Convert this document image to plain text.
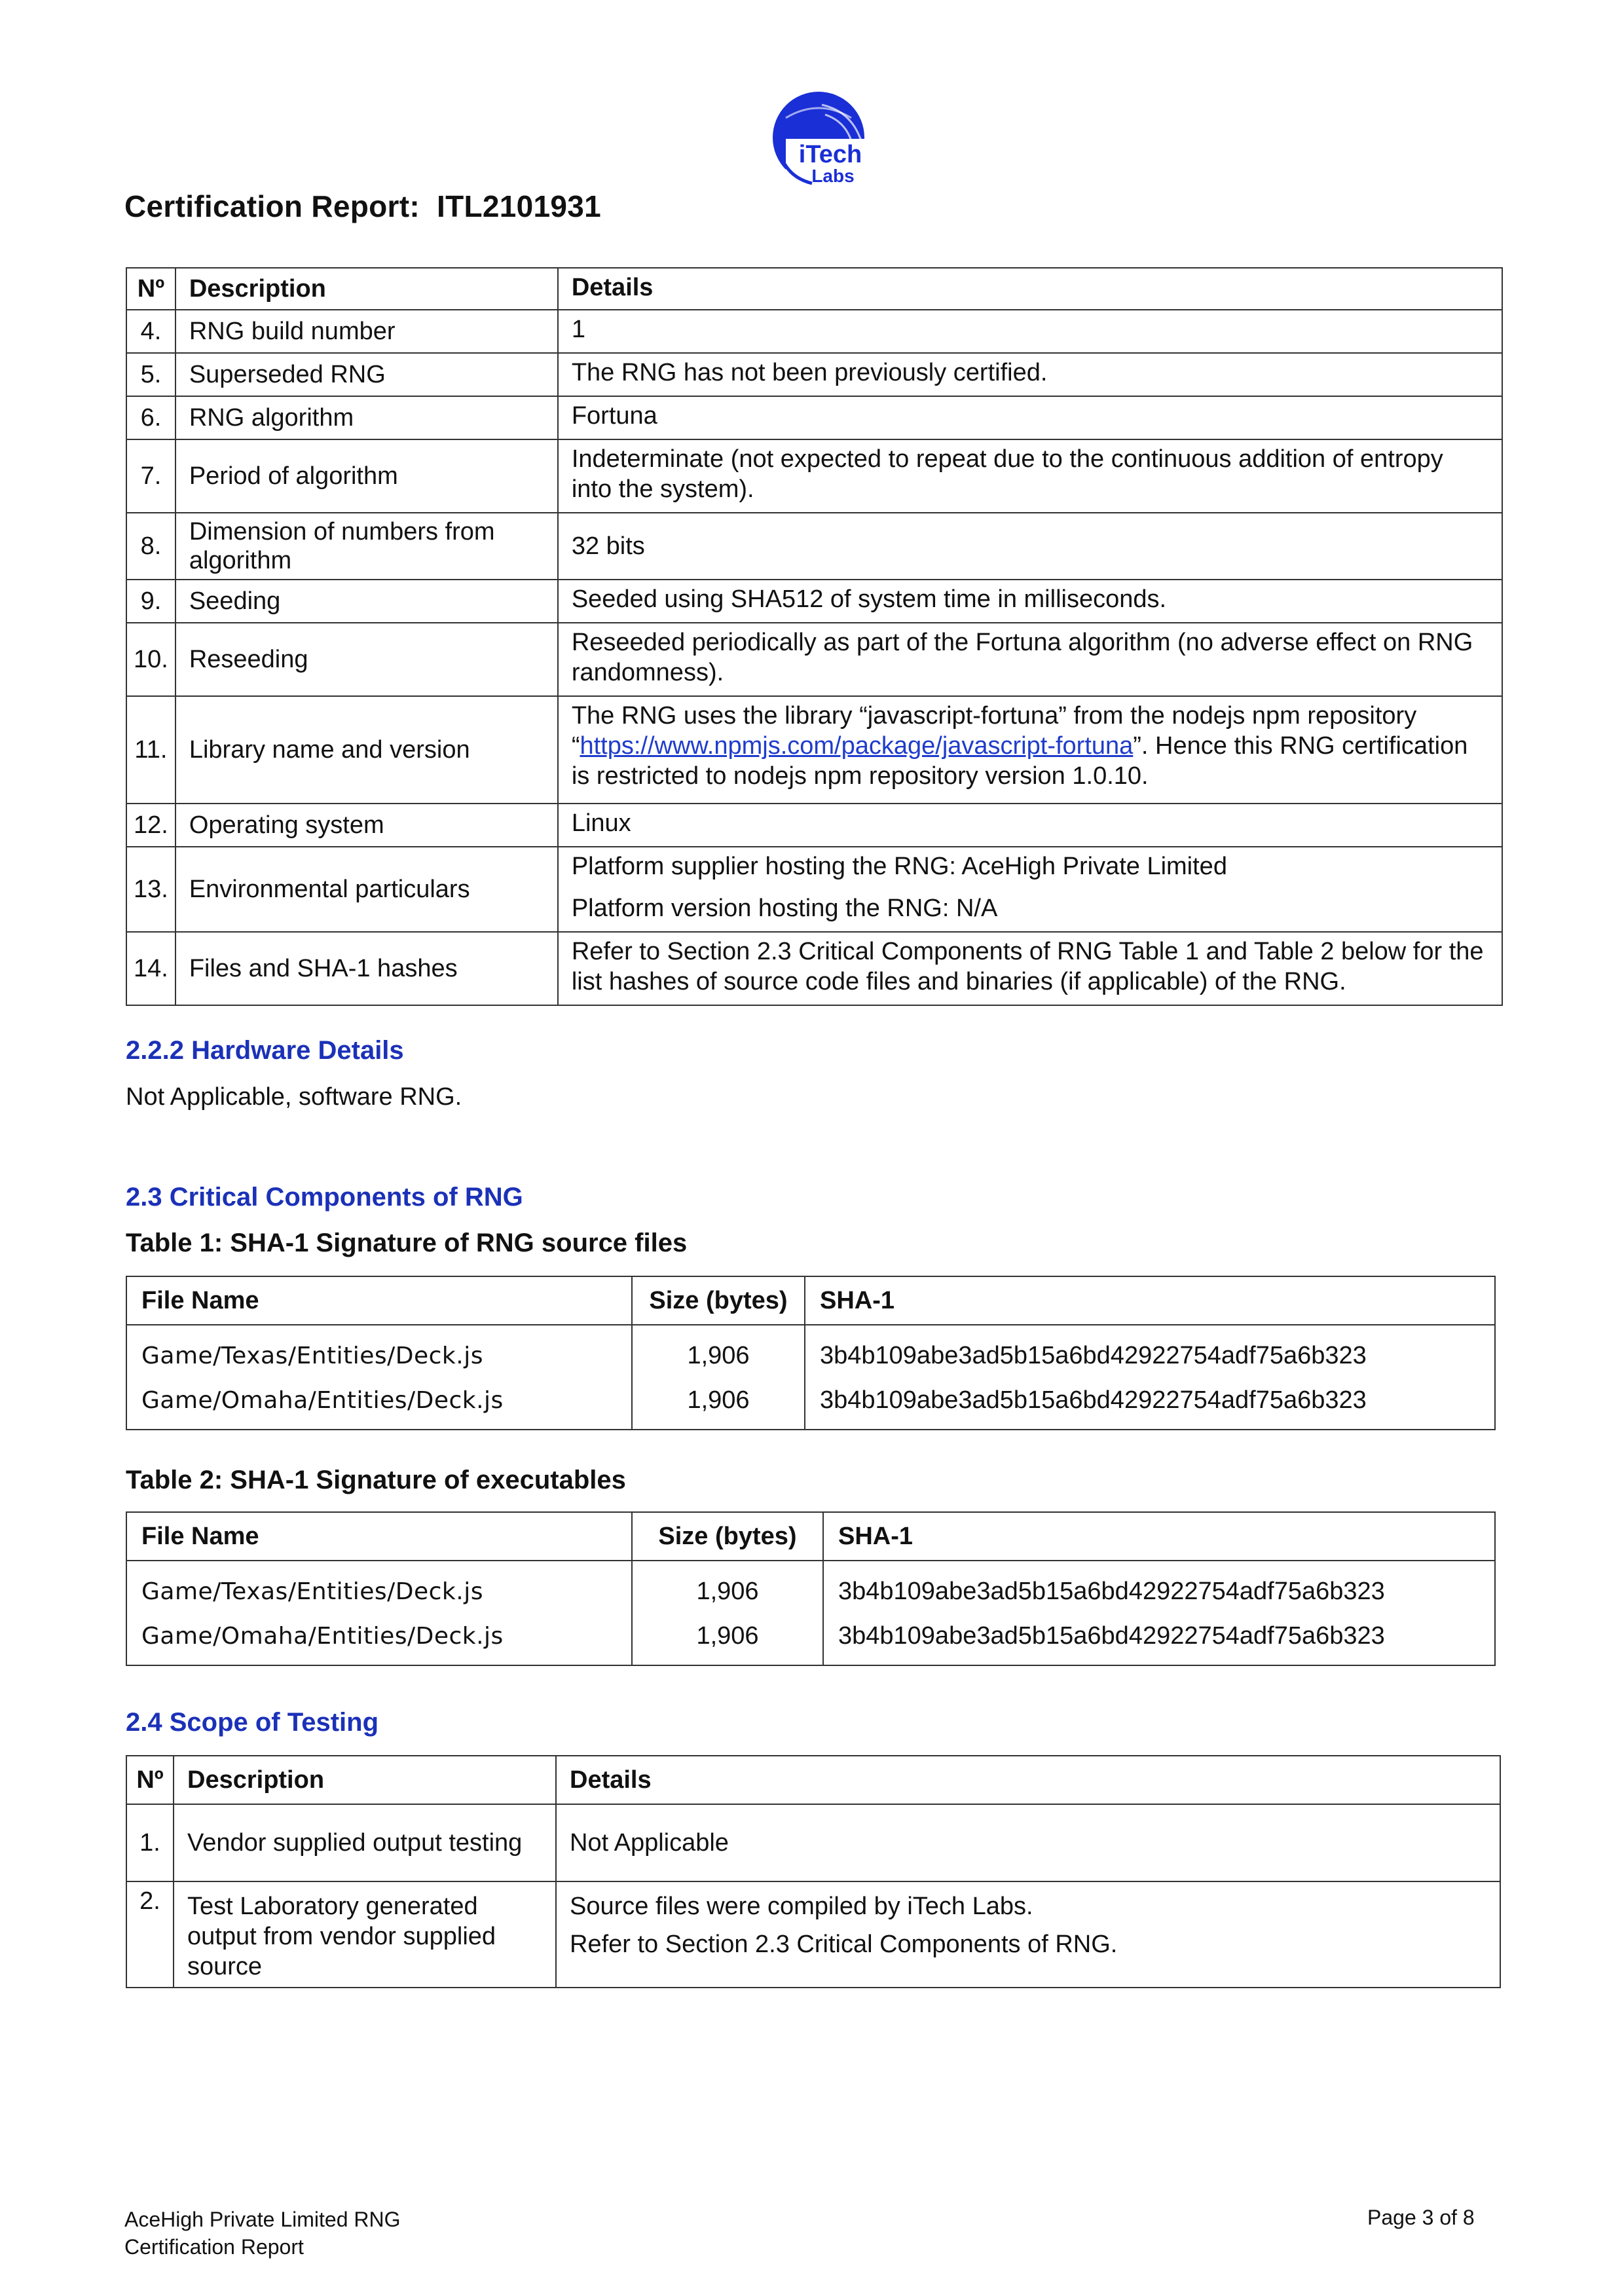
iTech
Labs
Certification Report: ITL2101931
Nº	Description	Details
4.	RNG build number	1
5.	Superseded RNG	The RNG has not been previously certified.
6.	RNG algorithm	Fortuna
7.	Period of algorithm	Indeterminate (not expected to repeat due to the continuous addition of entropy into the system).
8.	Dimension of numbers from algorithm	32 bits
9.	Seeding	Seeded using SHA512 of system time in milliseconds.
10.	Reseeding	Reseeded periodically as part of the Fortuna algorithm (no adverse effect on RNG randomness).
11.	Library name and version	The RNG uses the library “javascript-fortuna” from the nodejs npm repository “https://www.npmjs.com/package/javascript-fortuna”. Hence this RNG certification is restricted to nodejs npm repository version 1.0.10.
12.	Operating system	Linux
13.	Environmental particulars	Platform supplier hosting the RNG: AceHigh Private Limited
Platform version hosting the RNG: N/A

14.	Files and SHA-1 hashes	Refer to Section 2.3 Critical Components of RNG Table 1 and Table 2 below for the list hashes of source code files and binaries (if applicable) of the RNG.
2.2.2 Hardware Details
Not Applicable, software RNG.
2.3 Critical Components of RNG
Table 1: SHA-1 Signature of RNG source files
File Name	Size (bytes)	SHA-1
Game/Texas/Entities/Deck.js	1,906	3b4b109abe3ad5b15a6bd42922754adf75a6b323
Game/Omaha/Entities/Deck.js	1,906	3b4b109abe3ad5b15a6bd42922754adf75a6b323
Table 2: SHA-1 Signature of executables
File Name	Size (bytes)	SHA-1
Game/Texas/Entities/Deck.js	1,906	3b4b109abe3ad5b15a6bd42922754adf75a6b323
Game/Omaha/Entities/Deck.js	1,906	3b4b109abe3ad5b15a6bd42922754adf75a6b323
2.4 Scope of Testing
Nº	Description	Details
1.	Vendor supplied output testing	Not Applicable
2.	Test Laboratory generated output from vendor supplied source	Source files were compiled by iTech Labs.
Refer to Section 2.3 Critical Components of RNG.
AceHigh Private Limited RNG
Certification Report
Page 3 of 8
